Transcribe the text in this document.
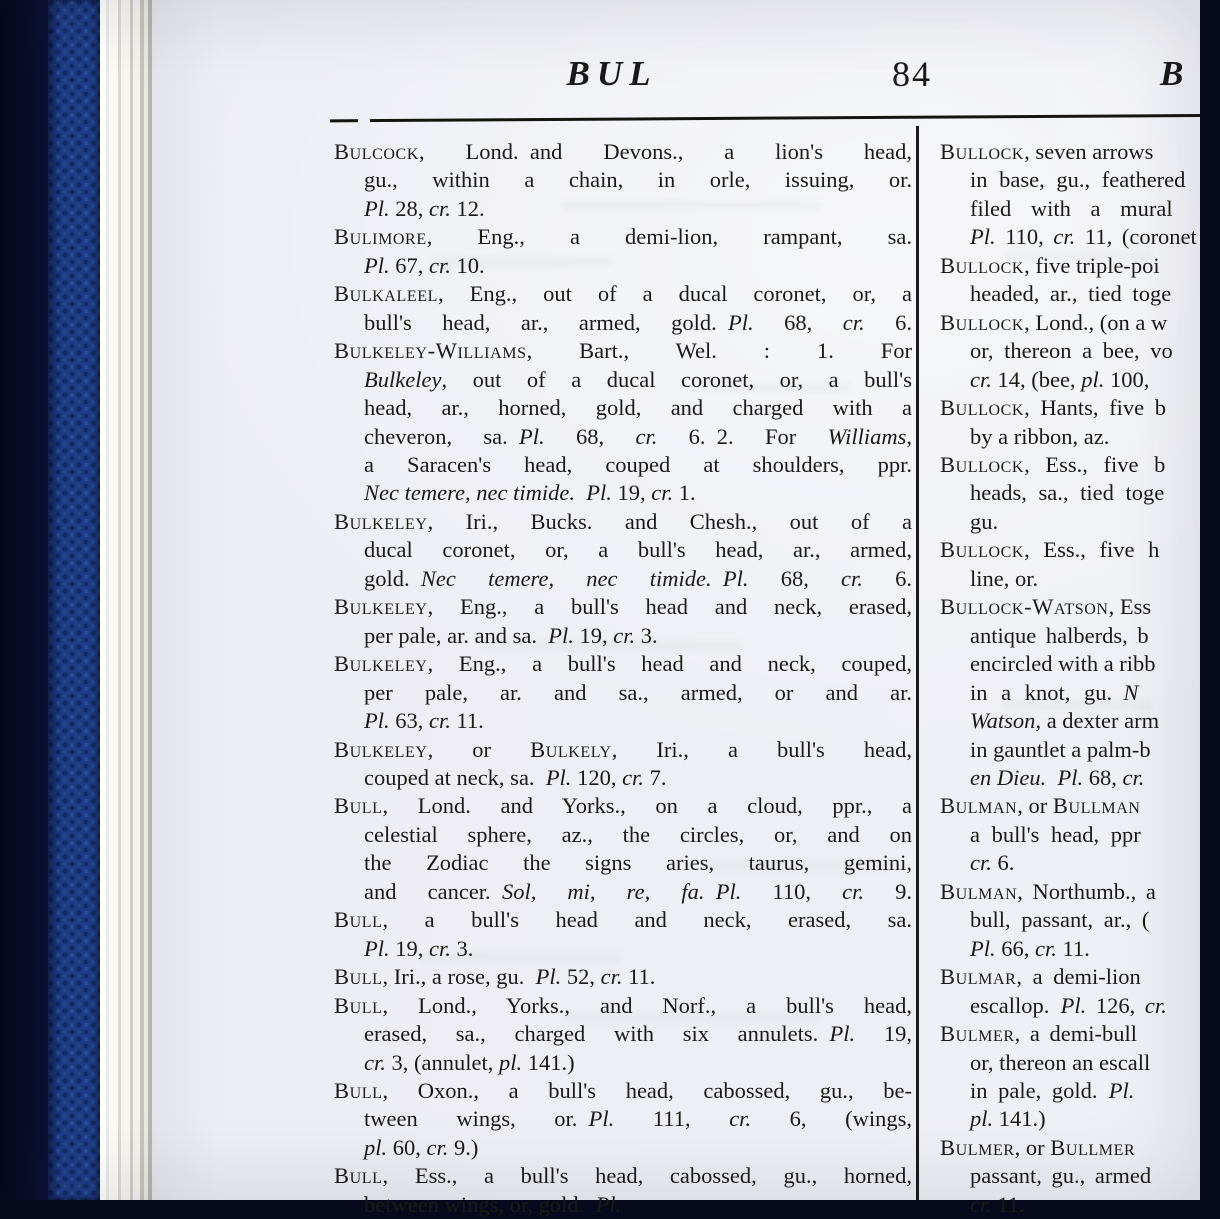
BUL	84	B
Bulcock, Lond. and Devons., a lion's head,
gu., within a chain, in orle, issuing, or.
Pl. 28, cr. 12.
Bulimore, Eng., a demi-lion, rampant, sa.
Pl. 67, cr. 10.
Bulkaleel, Eng., out of a ducal coronet, or, a
bull's head, ar., armed, gold. Pl. 68, cr. 6.
Bulkeley-Williams, Bart., Wel. : 1. For
Bulkeley, out of a ducal coronet, or, a bull's
head, ar., horned, gold, and charged with a
cheveron, sa. Pl. 68, cr. 6. 2. For Williams,
a Saracen's head, couped at shoulders, ppr.
Nec temere, nec timide.  Pl. 19, cr. 1.
Bulkeley, Iri., Bucks. and Chesh., out of a
ducal coronet, or, a bull's head, ar., armed,
gold. Nec temere, nec timide.  Pl. 68, cr. 6.
Bulkeley, Eng., a bull's head and neck, erased,
per pale, ar. and sa. Pl. 19, cr. 3.
Bulkeley, Eng., a bull's head and neck, couped,
per pale, ar. and sa., armed, or and ar.
Pl. 63, cr. 11.
Bulkeley, or Bulkely, Iri., a bull's head,
couped at neck, sa. Pl. 120, cr. 7.
Bull, Lond. and Yorks., on a cloud, ppr., a
celestial sphere, az., the circles, or, and on
the Zodiac the signs aries, taurus, gemini,
and cancer. Sol, mi, re, fa.  Pl. 110, cr. 9.
Bull, a bull's head and neck, erased, sa.
Pl. 19, cr. 3.
Bull, Iri., a rose, gu. Pl. 52, cr. 11.
Bull, Lond., Yorks., and Norf., a bull's head,
erased, sa., charged with six annulets. Pl. 19,
cr. 3, (annulet, pl. 141.)
Bull, Oxon., a bull's head, cabossed, gu., be-
tween wings, or. Pl. 111, cr. 6, (wings,
pl. 60, cr. 9.)
Bull, Ess., a bull's head, cabossed, gu., horned,
between wings, or, gold. Pl.
Bullock, seven arrows
in base, gu., feathered
filed with a mural
Pl. 110, cr. 11, (coronet
Bullock, five triple-poi
headed, ar., tied toge
Bullock, Lond., (on a w
or, thereon a bee, vo
cr. 14, (bee, pl. 100,
Bullock, Hants, five b
by a ribbon, az.
Bullock, Ess., five b
heads, sa., tied toge
gu.
Bullock, Ess., five h
line, or.
Bullock-Watson, Ess
antique halberds, b
encircled with a ribb
in a knot, gu. N
Watson, a dexter arm
in gauntlet a palm-b
en Dieu.  Pl. 68, cr.
Bulman, or Bullman
a bull's head, ppr
cr. 6.
Bulman, Northumb., a
bull, passant, ar., (
Pl. 66, cr. 11.
Bulmar, a demi-lion
escallop. Pl. 126, cr.
Bulmer, a demi-bull
or, thereon an escall
in pale, gold. Pl.
pl. 141.)
Bulmer, or Bullmer
passant, gu., armed
cr. 11.
